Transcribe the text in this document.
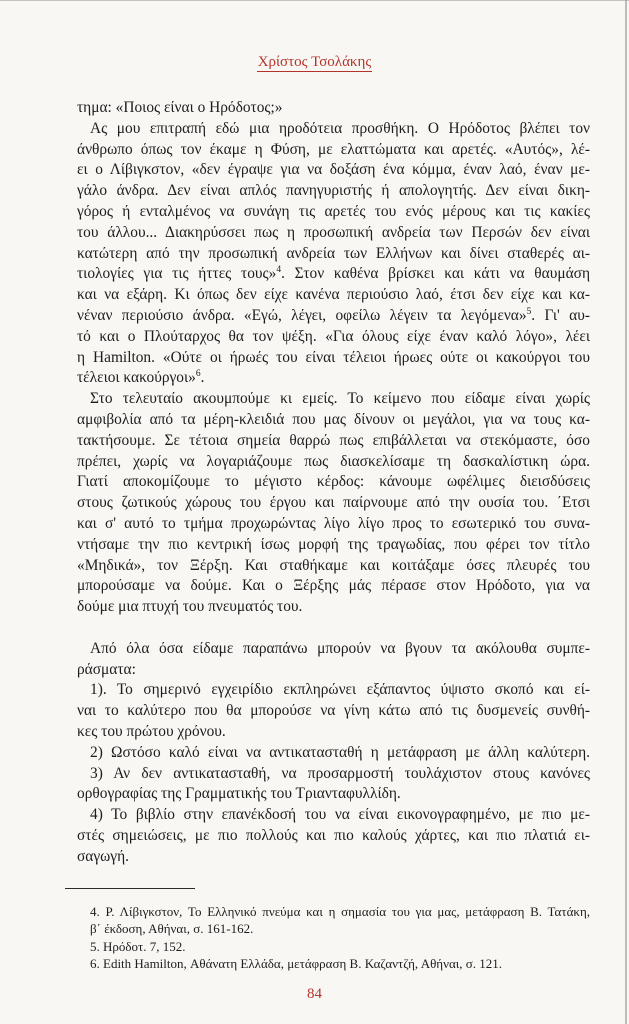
Χρίστος Τσολάκης
τημα: «Ποιος είναι ο Ηρόδοτος;»
Ας μου επιτραπή εδώ μια ηροδότεια προσθήκη. Ο Ηρόδοτος βλέπει τον
άνθρωπο όπως τον έκαμε η Φύση, με ελαττώματα και αρετές. «Αυτός», λέ-
ει ο Λίβιγκστον, «δεν έγραψε για να δοξάση ένα κόμμα, έναν λαό, έναν με-
γάλο άνδρα. Δεν είναι απλός πανηγυριστής ή απολογητής. Δεν είναι δικη-
γόρος ή ενταλμένος να συνάγη τις αρετές του ενός μέρους και τις κακίες
του άλλου... Διακηρύσσει πως η προσωπική ανδρεία των Περσών δεν είναι
κατώτερη από την προσωπική ανδρεία των Ελλήνων και δίνει σταθερές αι-
τιολογίες για τις ήττες τους»$^4$. Στον καθένα βρίσκει και κάτι να θαυμάση
και να εξάρη. Κι όπως δεν είχε κανένα περιούσιο λαό, έτσι δεν είχε και κα-
νέναν περιούσιο άνδρα. «Εγώ, λέγει, οφείλω λέγειν τα λεγόμενα»$^5$. Γι' αυ-
τό και ο Πλούταρχος θα τον ψέξη. «Για όλους είχε έναν καλό λόγο», λέει
η Hamilton. «Ούτε οι ήρωές του είναι τέλειοι ήρωες ούτε οι κακούργοι του
τέλειοι κακούργοι»$^6$.
Στο τελευταίο ακουμπούμε κι εμείς. Το κείμενο που είδαμε είναι χωρίς
αμφιβολία από τα μέρη-κλειδιά που μας δίνουν οι μεγάλοι, για να τους κα-
τακτήσουμε. Σε τέτοια σημεία θαρρώ πως επιβάλλεται να στεκόμαστε, όσο
πρέπει, χωρίς να λογαριάζουμε πως διασκελίσαμε τη δασκαλίστικη ώρα.
Γιατί αποκομίζουμε το μέγιστο κέρδος: κάνουμε ωφέλιμες διεισδύσεις
στους ζωτικούς χώρους του έργου και παίρνουμε από την ουσία του. ΄Ετσι
και σ' αυτό το τμήμα προχωρώντας λίγο λίγο προς το εσωτερικό του συνα-
ντήσαμε την πιο κεντρική ίσως μορφή της τραγωδίας, που φέρει τον τίτλο
«Μηδικά», τον Ξέρξη. Και σταθήκαμε και κοιτάξαμε όσες πλευρές του
μπορούσαμε να δούμε. Και ο Ξέρξης μάς πέρασε στον Ηρόδοτο, για να
δούμε μια πτυχή του πνευματός του.
Από όλα όσα είδαμε παραπάνω μπορούν να βγουν τα ακόλουθα συμπε-
ράσματα:
1). Το σημερινό εγχειρίδιο εκπληρώνει εξάπαντος ύψιστο σκοπό και εί-
ναι το καλύτερο που θα μπορούσε να γίνη κάτω από τις δυσμενείς συνθή-
κες του πρώτου χρόνου.
2) Ωστόσο καλό είναι να αντικατασταθή η μετάφραση με άλλη καλύτερη.
3) Αν δεν αντικατασταθή, να προσαρμοστή τουλάχιστον στους κανόνες
ορθογραφίας της Γραμματικής του Τριανταφυλλίδη.
4) Το βιβλίο στην επανέκδοσή του να είναι εικονογραφημένο, με πιο με-
στές σημειώσεις, με πιο πολλούς και πιο καλούς χάρτες, και πιο πλατιά ει-
σαγωγή.
4. Ρ. Λίβιγκστον, Το Ελληνικό πνεύμα και η σημασία του για μας, μετάφραση Β. Τατάκη,
β΄ έκδοση, Αθήναι, σ. 161-162.
5. Ηρόδοτ. 7, 152.
6. Edith Hamilton, Αθάνατη Ελλάδα, μετάφραση Β. Καζαντζή, Αθήναι, σ. 121.
84
